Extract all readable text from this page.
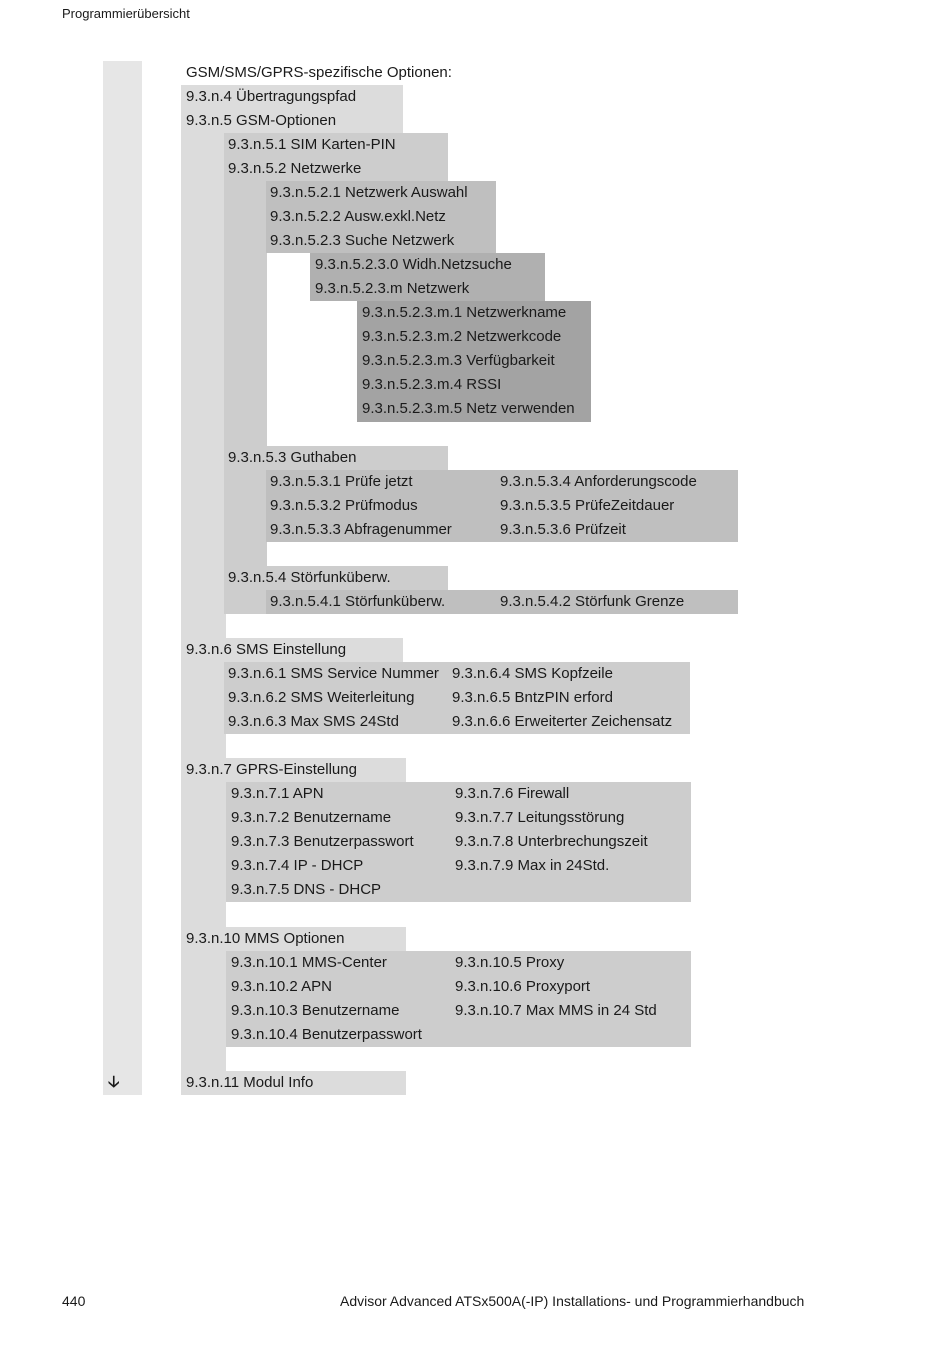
Programmierübersicht
🡣
GSM/SMS/GPRS-spezifische Optionen:
9.3.n.4 Übertragungspfad
9.3.n.5 GSM-Optionen
9.3.n.5.1 SIM Karten-PIN
9.3.n.5.2 Netzwerke
9.3.n.5.2.1 Netzwerk Auswahl
9.3.n.5.2.2 Ausw.exkl.Netz
9.3.n.5.2.3 Suche Netzwerk
9.3.n.5.2.3.0 Widh.Netzsuche
9.3.n.5.2.3.m Netzwerk
9.3.n.5.2.3.m.1 Netzwerkname
9.3.n.5.2.3.m.2 Netzwerkcode
9.3.n.5.2.3.m.3 Verfügbarkeit
9.3.n.5.2.3.m.4 RSSI
9.3.n.5.2.3.m.5 Netz verwenden
9.3.n.5.3 Guthaben
9.3.n.5.3.1 Prüfe jetzt
9.3.n.5.3.2 Prüfmodus
9.3.n.5.3.3 Abfragenummer
9.3.n.5.3.4 Anforderungscode
9.3.n.5.3.5 PrüfeZeitdauer
9.3.n.5.3.6 Prüfzeit
9.3.n.5.4 Störfunküberw.
9.3.n.5.4.1 Störfunküberw.	9.3.n.5.4.2 Störfunk Grenze
9.3.n.6 SMS Einstellung
9.3.n.6.1 SMS Service Nummer
9.3.n.6.2 SMS Weiterleitung
9.3.n.6.3 Max SMS 24Std
9.3.n.6.4 SMS Kopfzeile
9.3.n.6.5 BntzPIN erford
9.3.n.6.6 Erweiterter Zeichensatz
9.3.n.7 GPRS-Einstellung
9.3.n.7.1 APN
9.3.n.7.2 Benutzername
9.3.n.7.3 Benutzerpasswort
9.3.n.7.4 IP - DHCP
9.3.n.7.5 DNS - DHCP
9.3.n.7.6 Firewall
9.3.n.7.7 Leitungsstörung
9.3.n.7.8 Unterbrechungszeit
9.3.n.7.9 Max in 24Std.
9.3.n.10 MMS Optionen
9.3.n.10.1 MMS-Center
9.3.n.10.2 APN
9.3.n.10.3 Benutzername
9.3.n.10.4 Benutzerpasswort
9.3.n.10.5 Proxy
9.3.n.10.6 Proxyport
9.3.n.10.7 Max MMS in 24 Std
9.3.n.11 Modul Info
440	Advisor Advanced ATSx500A(-IP) Installations- und Programmierhandbuch
